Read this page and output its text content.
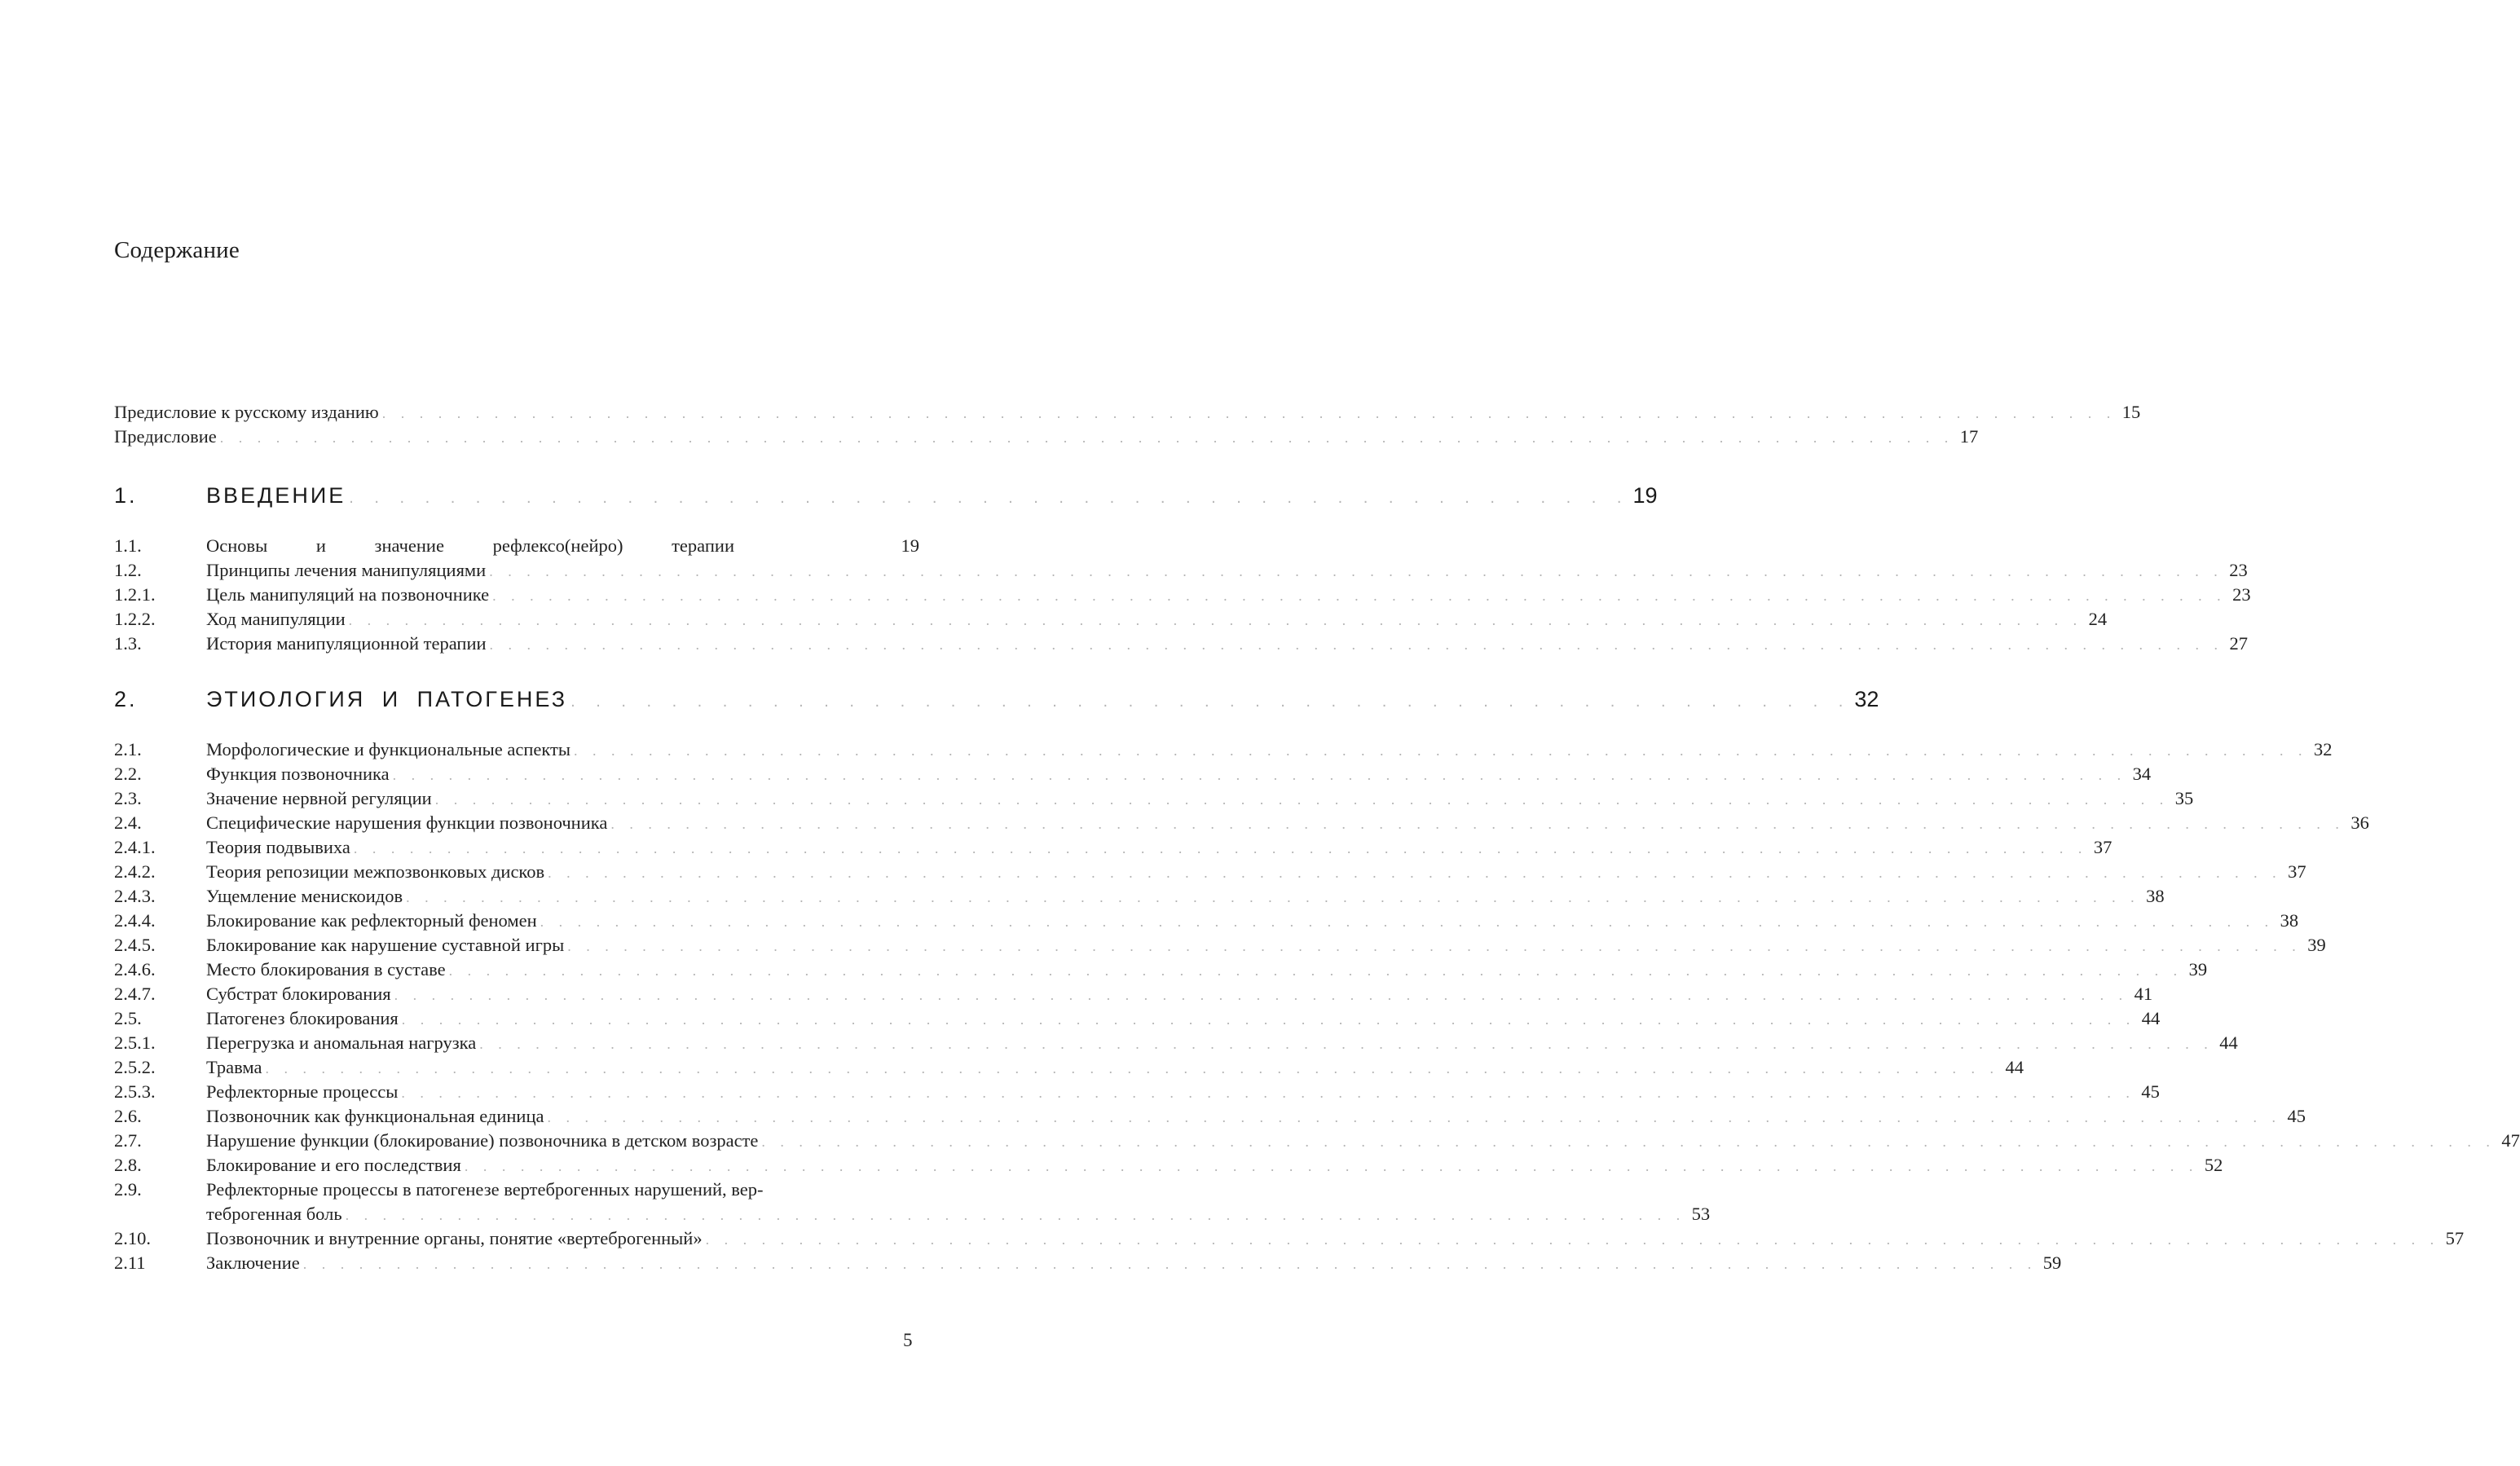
Содержание
Предисловие к русскому изданию . . .	15
Предисловие . . .	17
1.	ВВЕДЕНИЕ . . .	19
1.1.	Основы и значение рефлексо(нейро) терапии	19
1.2.	Принципы лечения манипуляциями . . .	23
1.2.1.	Цель манипуляций на позвоночнике . . .	23
1.2.2.	Ход манипуляции . . .	24
1.3.	История манипуляционной терапии . . .	27
2.	ЭТИОЛОГИЯ И ПАТОГЕНЕЗ . . .	32
2.1.	Морфологические и функциональные аспекты . . .	32
2.2.	Функция позвоночника . . .	34
2.3.	Значение нервной регуляции . . .	35
2.4.	Специфические нарушения функции позвоночника . . .	36
2.4.1.	Теория подвывиха . . .	37
2.4.2.	Теория репозиции межпозвонковых дисков . . .	37
2.4.3.	Ущемление менискоидов . . .	38
2.4.4.	Блокирование как рефлекторный феномен . . .	38
2.4.5.	Блокирование как нарушение суставной игры . . .	39
2.4.6.	Место блокирования в суставе . . .	39
2.4.7.	Субстрат блокирования . . .	41
2.5.	Патогенез блокирования . . .	44
2.5.1.	Перегрузка и аномальная нагрузка . . .	44
2.5.2.	Травма . . .	44
2.5.3.	Рефлекторные процессы . . .	45
2.6.	Позвоночник как функциональная единица . . .	45
2.7.	Нарушение функции (блокирование) позвоночника в детском возрасте . . .	47
2.8.	Блокирование и его последствия . . .	52
2.9.	Рефлекторные процессы в патогенезе вертеброгенных нарушений, вер-
теброгенная боль . . .	53
2.10.	Позвоночник и внутренние органы, понятие «вертеброгенный» . . .	57
2.11	Заключение . . .	59
5
